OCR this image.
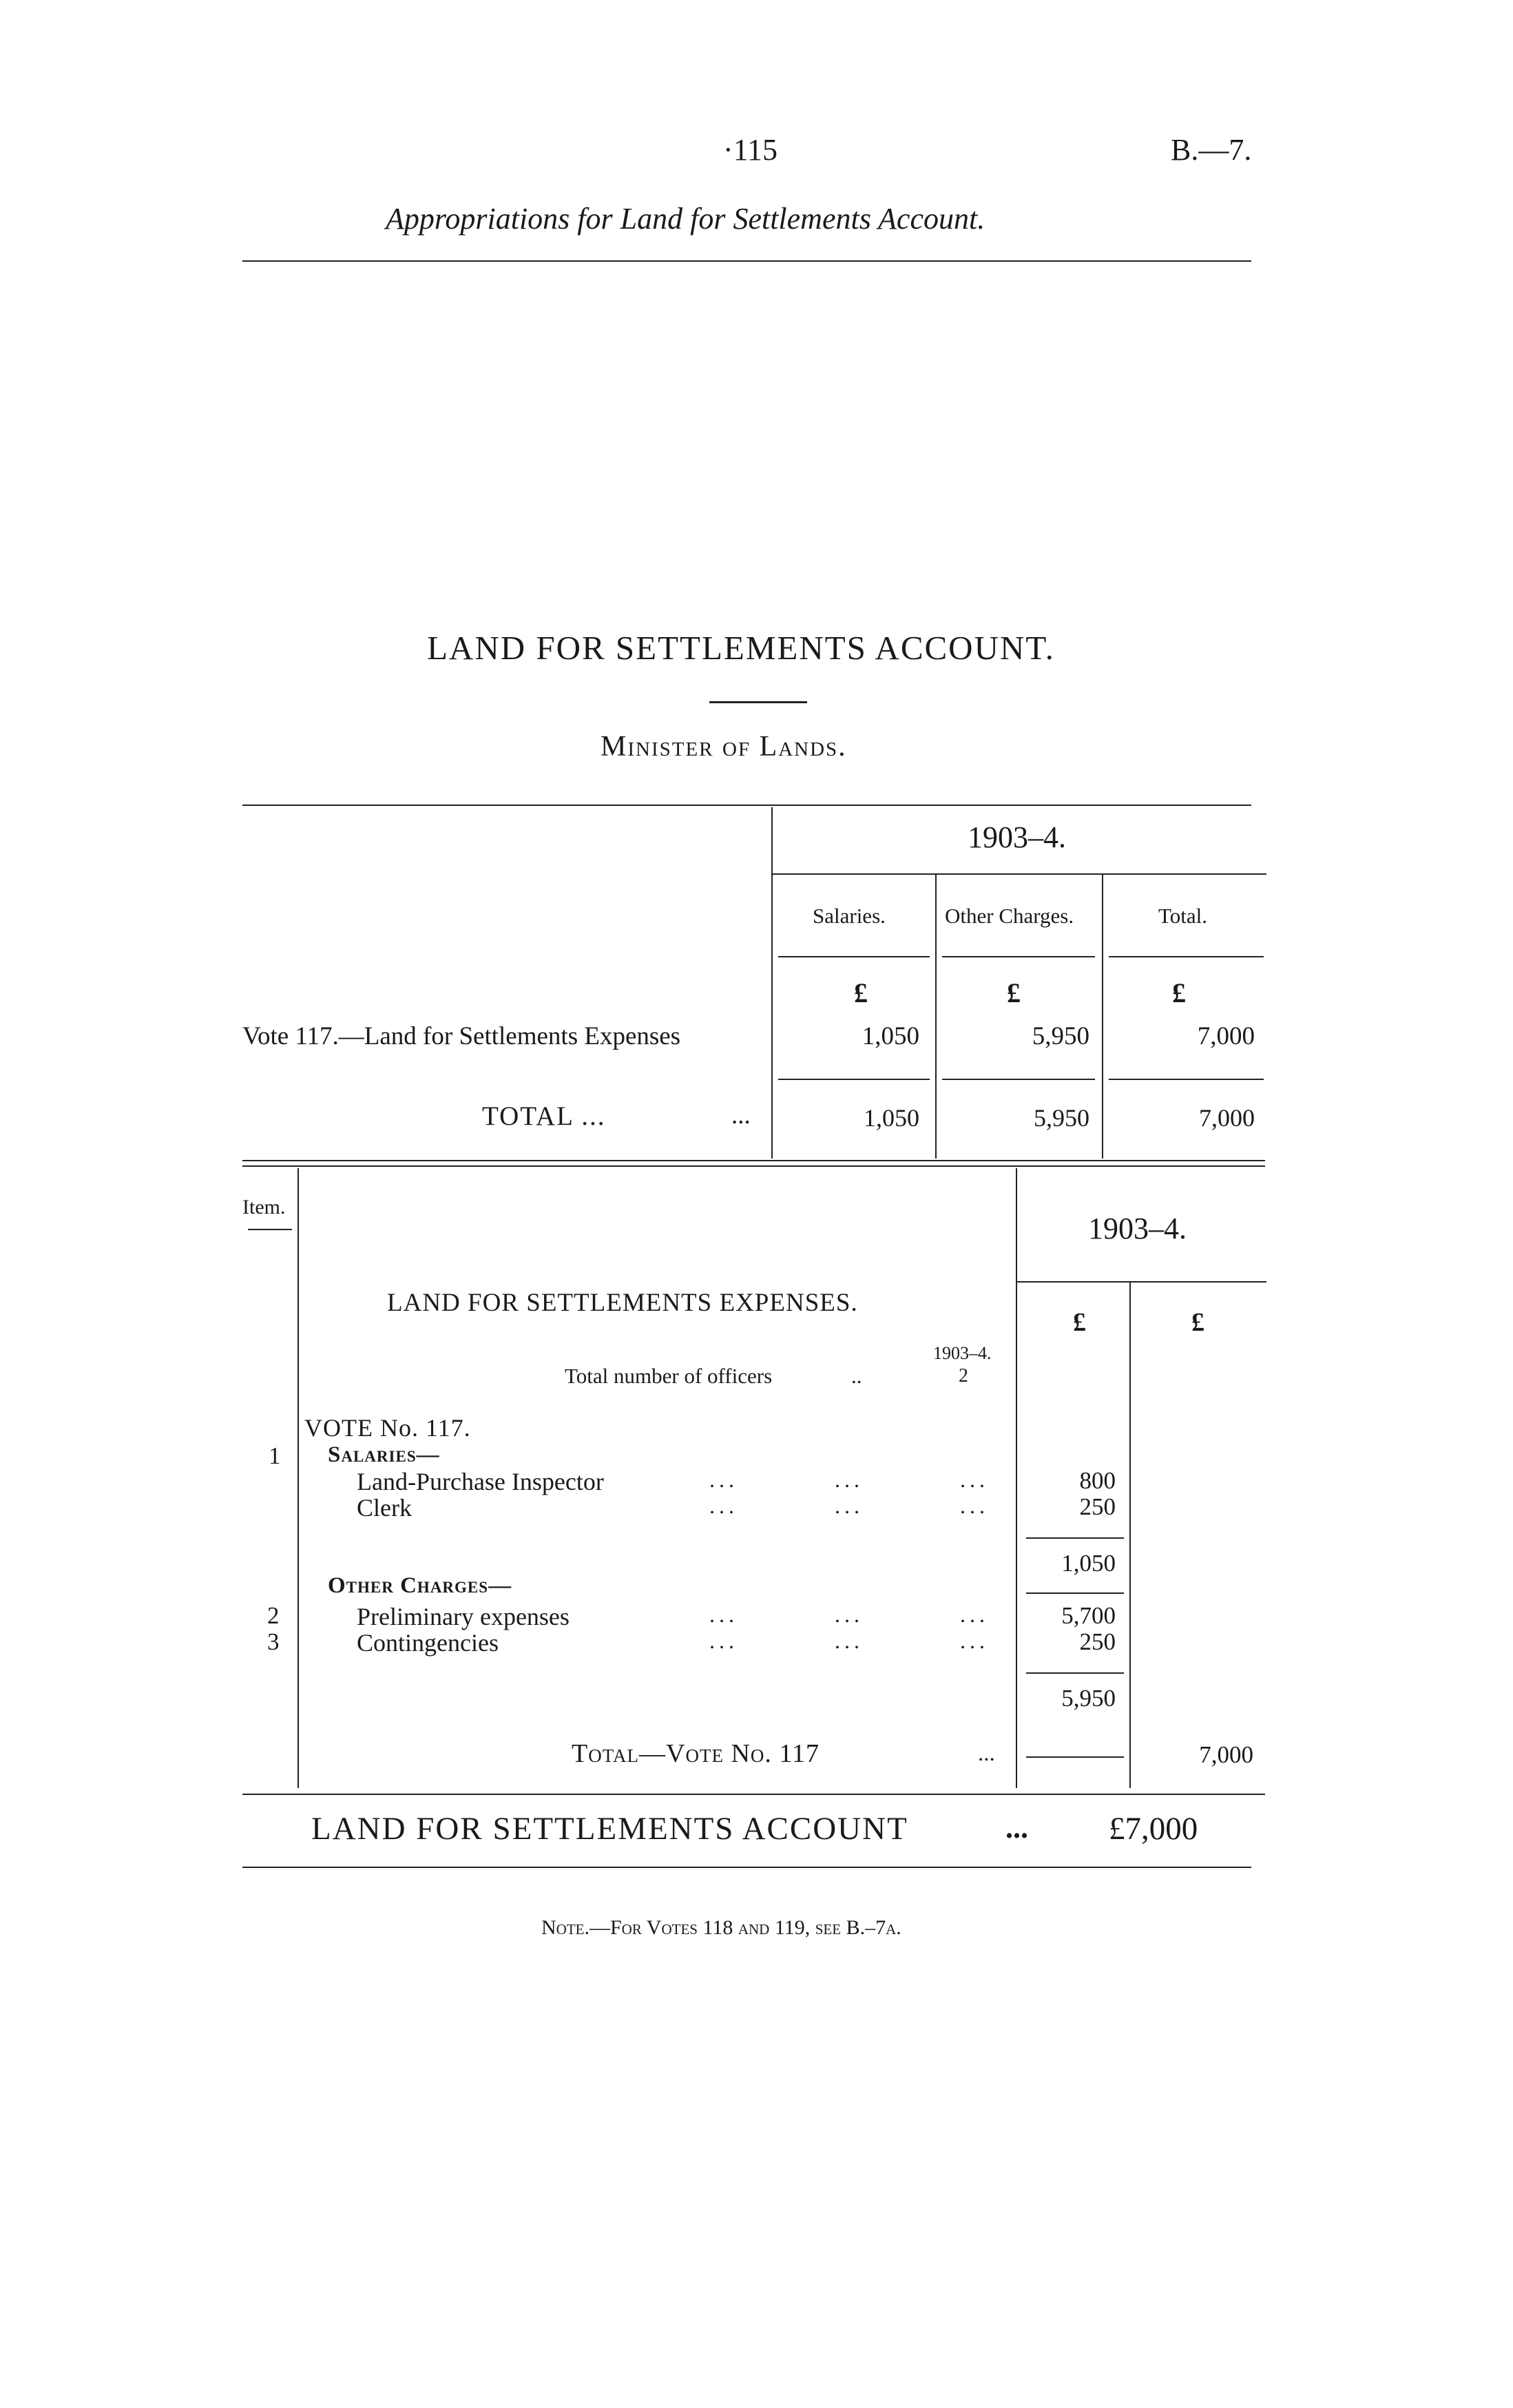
·115	B.—7.
Appropriations for Land for Settlements Account.
LAND FOR SETTLEMENTS ACCOUNT.
Minister of Lands.
1903–4.
Salaries.	Other Charges.	Total.
£	£	£
Vote 117.—Land for Settlements Expenses	1,050	5,950	7,000
TOTAL ...	...	1,050	5,950	7,000
Item.
1903–4.
LAND FOR SETTLEMENTS EXPENSES.
£	£
1903–4.
Total number of officers	..	2
VOTE No. 117.
1 Salaries—
Land-Purchase Inspector	...          ...          ...	800
Clerk	...          ...          ...	250
1,050
Other Charges—
2	Preliminary expenses	...          ...          ...	5,700
3	Contingencies	...          ...          ...	250
5,950
Total—Vote No. 117	...	7,000
LAND FOR SETTLEMENTS ACCOUNT	... £7,000
Note.—For Votes 118 and 119, see B.–7a.
